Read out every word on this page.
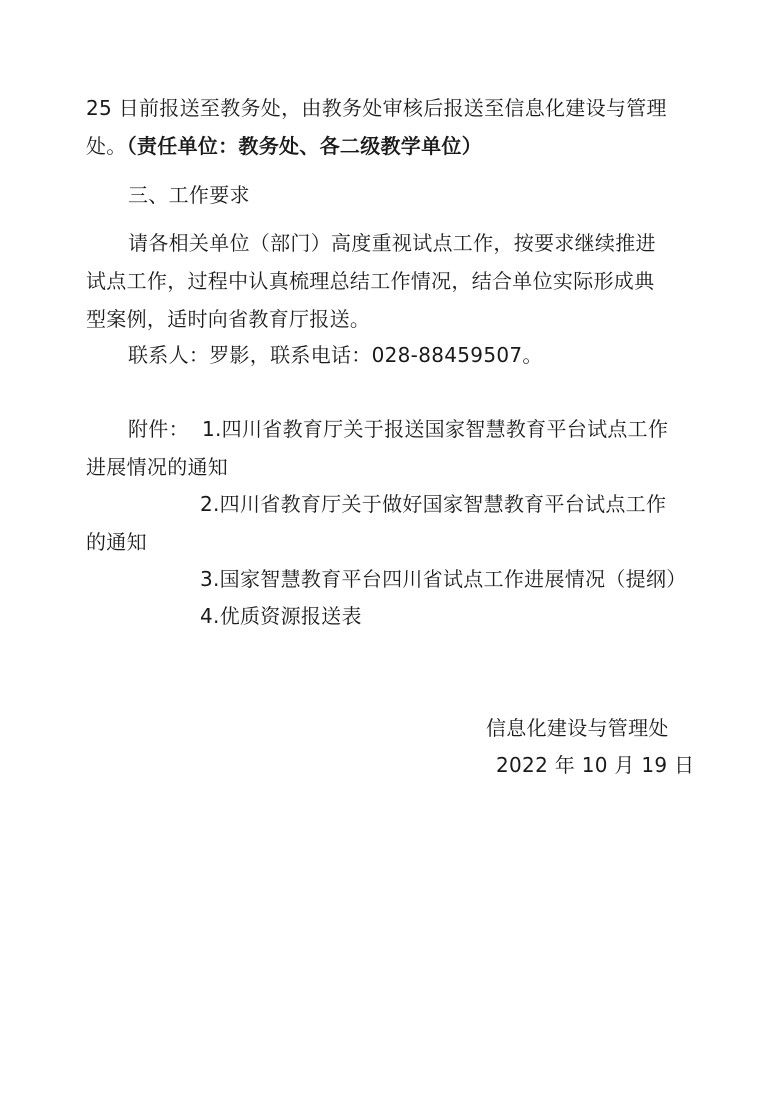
25 日前报送至教务处，由教务处审核后报送至信息化建设与管理
处。（责任单位：教务处、各二级教学单位）
三、工作要求
请各相关单位（部门）高度重视试点工作，按要求继续推进
试点工作，过程中认真梳理总结工作情况，结合单位实际形成典
型案例，适时向省教育厅报送。
联系人：罗影，联系电话：028-88459507。
附件： 1.四川省教育厅关于报送国家智慧教育平台试点工作
进展情况的通知
2.四川省教育厅关于做好国家智慧教育平台试点工作
的通知
3.国家智慧教育平台四川省试点工作进展情况（提纲）
4.优质资源报送表
信息化建设与管理处
2022 年 10 月 19 日
